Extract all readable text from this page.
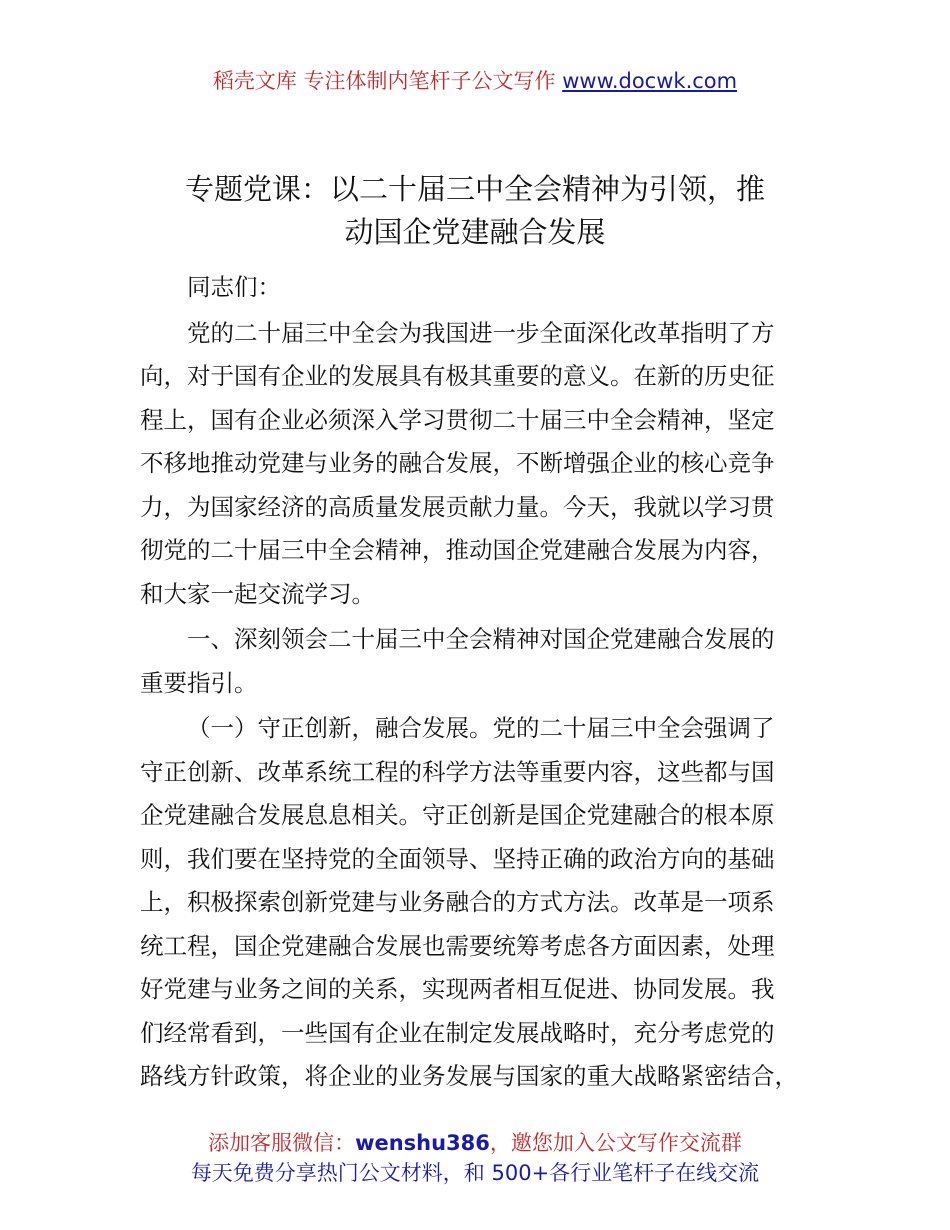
稻壳文库 专注体制内笔杆子公文写作 www.docwk.com
专题党课：以二十届三中全会精神为引领，推
动国企党建融合发展
同志们：
党的二十届三中全会为我国进一步全面深化改革指明了方
向，对于国有企业的发展具有极其重要的意义。在新的历史征
程上，国有企业必须深入学习贯彻二十届三中全会精神，坚定
不移地推动党建与业务的融合发展，不断增强企业的核心竞争
力，为国家经济的高质量发展贡献力量。今天，我就以学习贯
彻党的二十届三中全会精神，推动国企党建融合发展为内容，
和大家一起交流学习。
一、深刻领会二十届三中全会精神对国企党建融合发展的
重要指引。
（一）守正创新，融合发展。党的二十届三中全会强调了
守正创新、改革系统工程的科学方法等重要内容，这些都与国
企党建融合发展息息相关。守正创新是国企党建融合的根本原
则，我们要在坚持党的全面领导、坚持正确的政治方向的基础
上，积极探索创新党建与业务融合的方式方法。改革是一项系
统工程，国企党建融合发展也需要统筹考虑各方面因素，处理
好党建与业务之间的关系，实现两者相互促进、协同发展。我
们经常看到，一些国有企业在制定发展战略时，充分考虑党的
路线方针政策，将企业的业务发展与国家的重大战略紧密结合，
添加客服微信：wenshu386，邀您加入公文写作交流群
每天免费分享热门公文材料，和 500+各行业笔杆子在线交流
